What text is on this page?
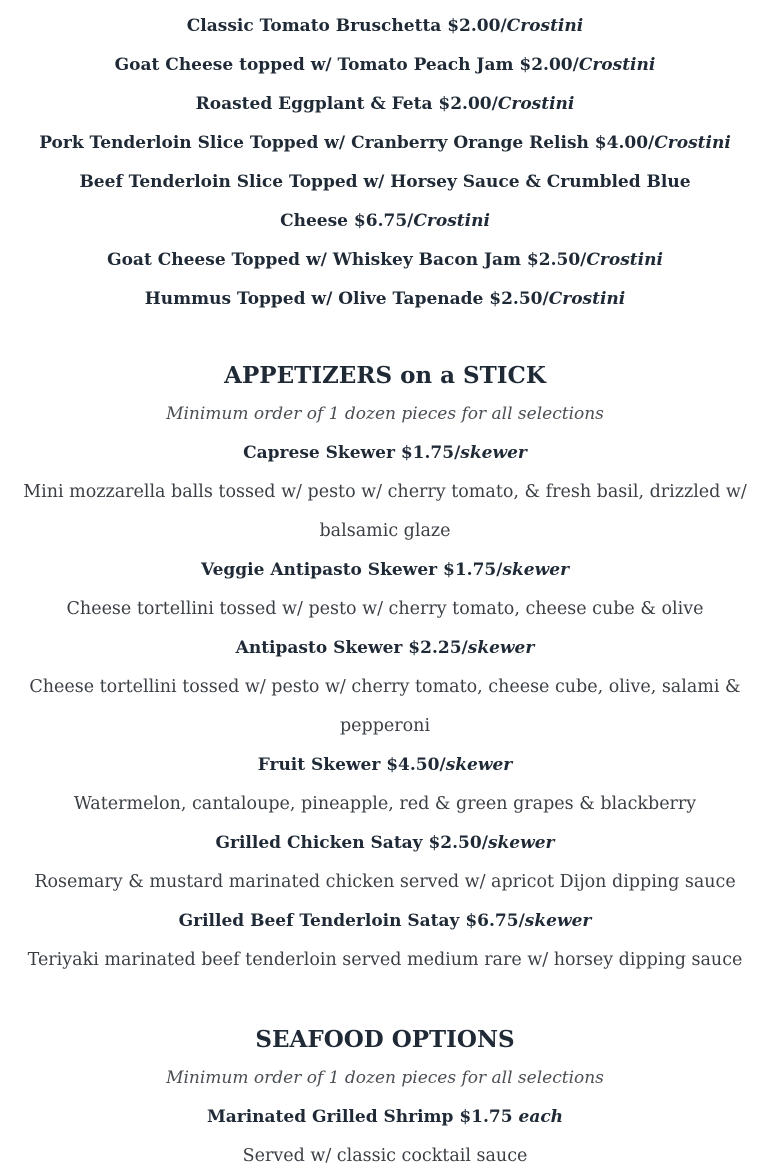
Classic Tomato Bruschetta $2.00/Crostini
Goat Cheese topped w/ Tomato Peach Jam $2.00/Crostini
Roasted Eggplant & Feta $2.00/Crostini
Pork Tenderloin Slice Topped w/ Cranberry Orange Relish $4.00/Crostini
Beef Tenderloin Slice Topped w/ Horsey Sauce & Crumbled Blue
Cheese $6.75/Crostini
Goat Cheese Topped w/ Whiskey Bacon Jam $2.50/Crostini
Hummus Topped w/ Olive Tapenade $2.50/Crostini
APPETIZERS on a STICK
Minimum order of 1 dozen pieces for all selections
Caprese Skewer $1.75/skewer
Mini mozzarella balls tossed w/ pesto w/ cherry tomato, & fresh basil, drizzled w/
balsamic glaze
Veggie Antipasto Skewer $1.75/skewer
Cheese tortellini tossed w/ pesto w/ cherry tomato, cheese cube & olive
Antipasto Skewer $2.25/skewer
Cheese tortellini tossed w/ pesto w/ cherry tomato, cheese cube, olive, salami &
pepperoni
Fruit Skewer $4.50/skewer
Watermelon, cantaloupe, pineapple, red & green grapes & blackberry
Grilled Chicken Satay $2.50/skewer
Rosemary & mustard marinated chicken served w/ apricot Dijon dipping sauce
Grilled Beef Tenderloin Satay $6.75/skewer
Teriyaki marinated beef tenderloin served medium rare w/ horsey dipping sauce
SEAFOOD OPTIONS
Minimum order of 1 dozen pieces for all selections
Marinated Grilled Shrimp $1.75 each
Served w/ classic cocktail sauce
